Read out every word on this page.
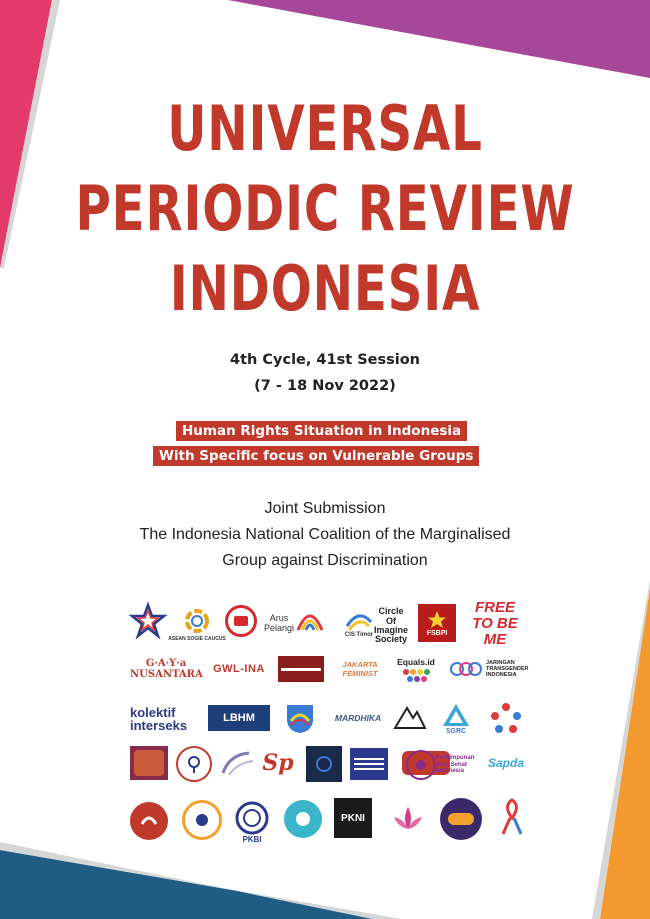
UNIVERSAL
PERIODIC REVIEW
INDONESIA
4th Cycle, 41st Session
(7 - 18 Nov 2022)
Human Rights Situation in Indonesia
With Specific focus on Vulnerable Groups
Joint Submission
The Indonesia National Coalition of the Marginalised
Group against Discrimination
ASEAN SOGIE CAUCUS
Arus Pelangi
CIS Timor
Circle Of Imagine Society
FSBPI
FREE TO BE ME
G·A·Y·a NUSANTARA GWL-INA	JAKARTA FEMINIST
Equals.id	JARINGAN TRANSGENDER INDONESIA
kolektif interseks	LBHM	MARDHIKA
SGRC
Sp	Perhimpunan Jiwa Sehat Indonesia
Sapda
PKBI
PKNI
